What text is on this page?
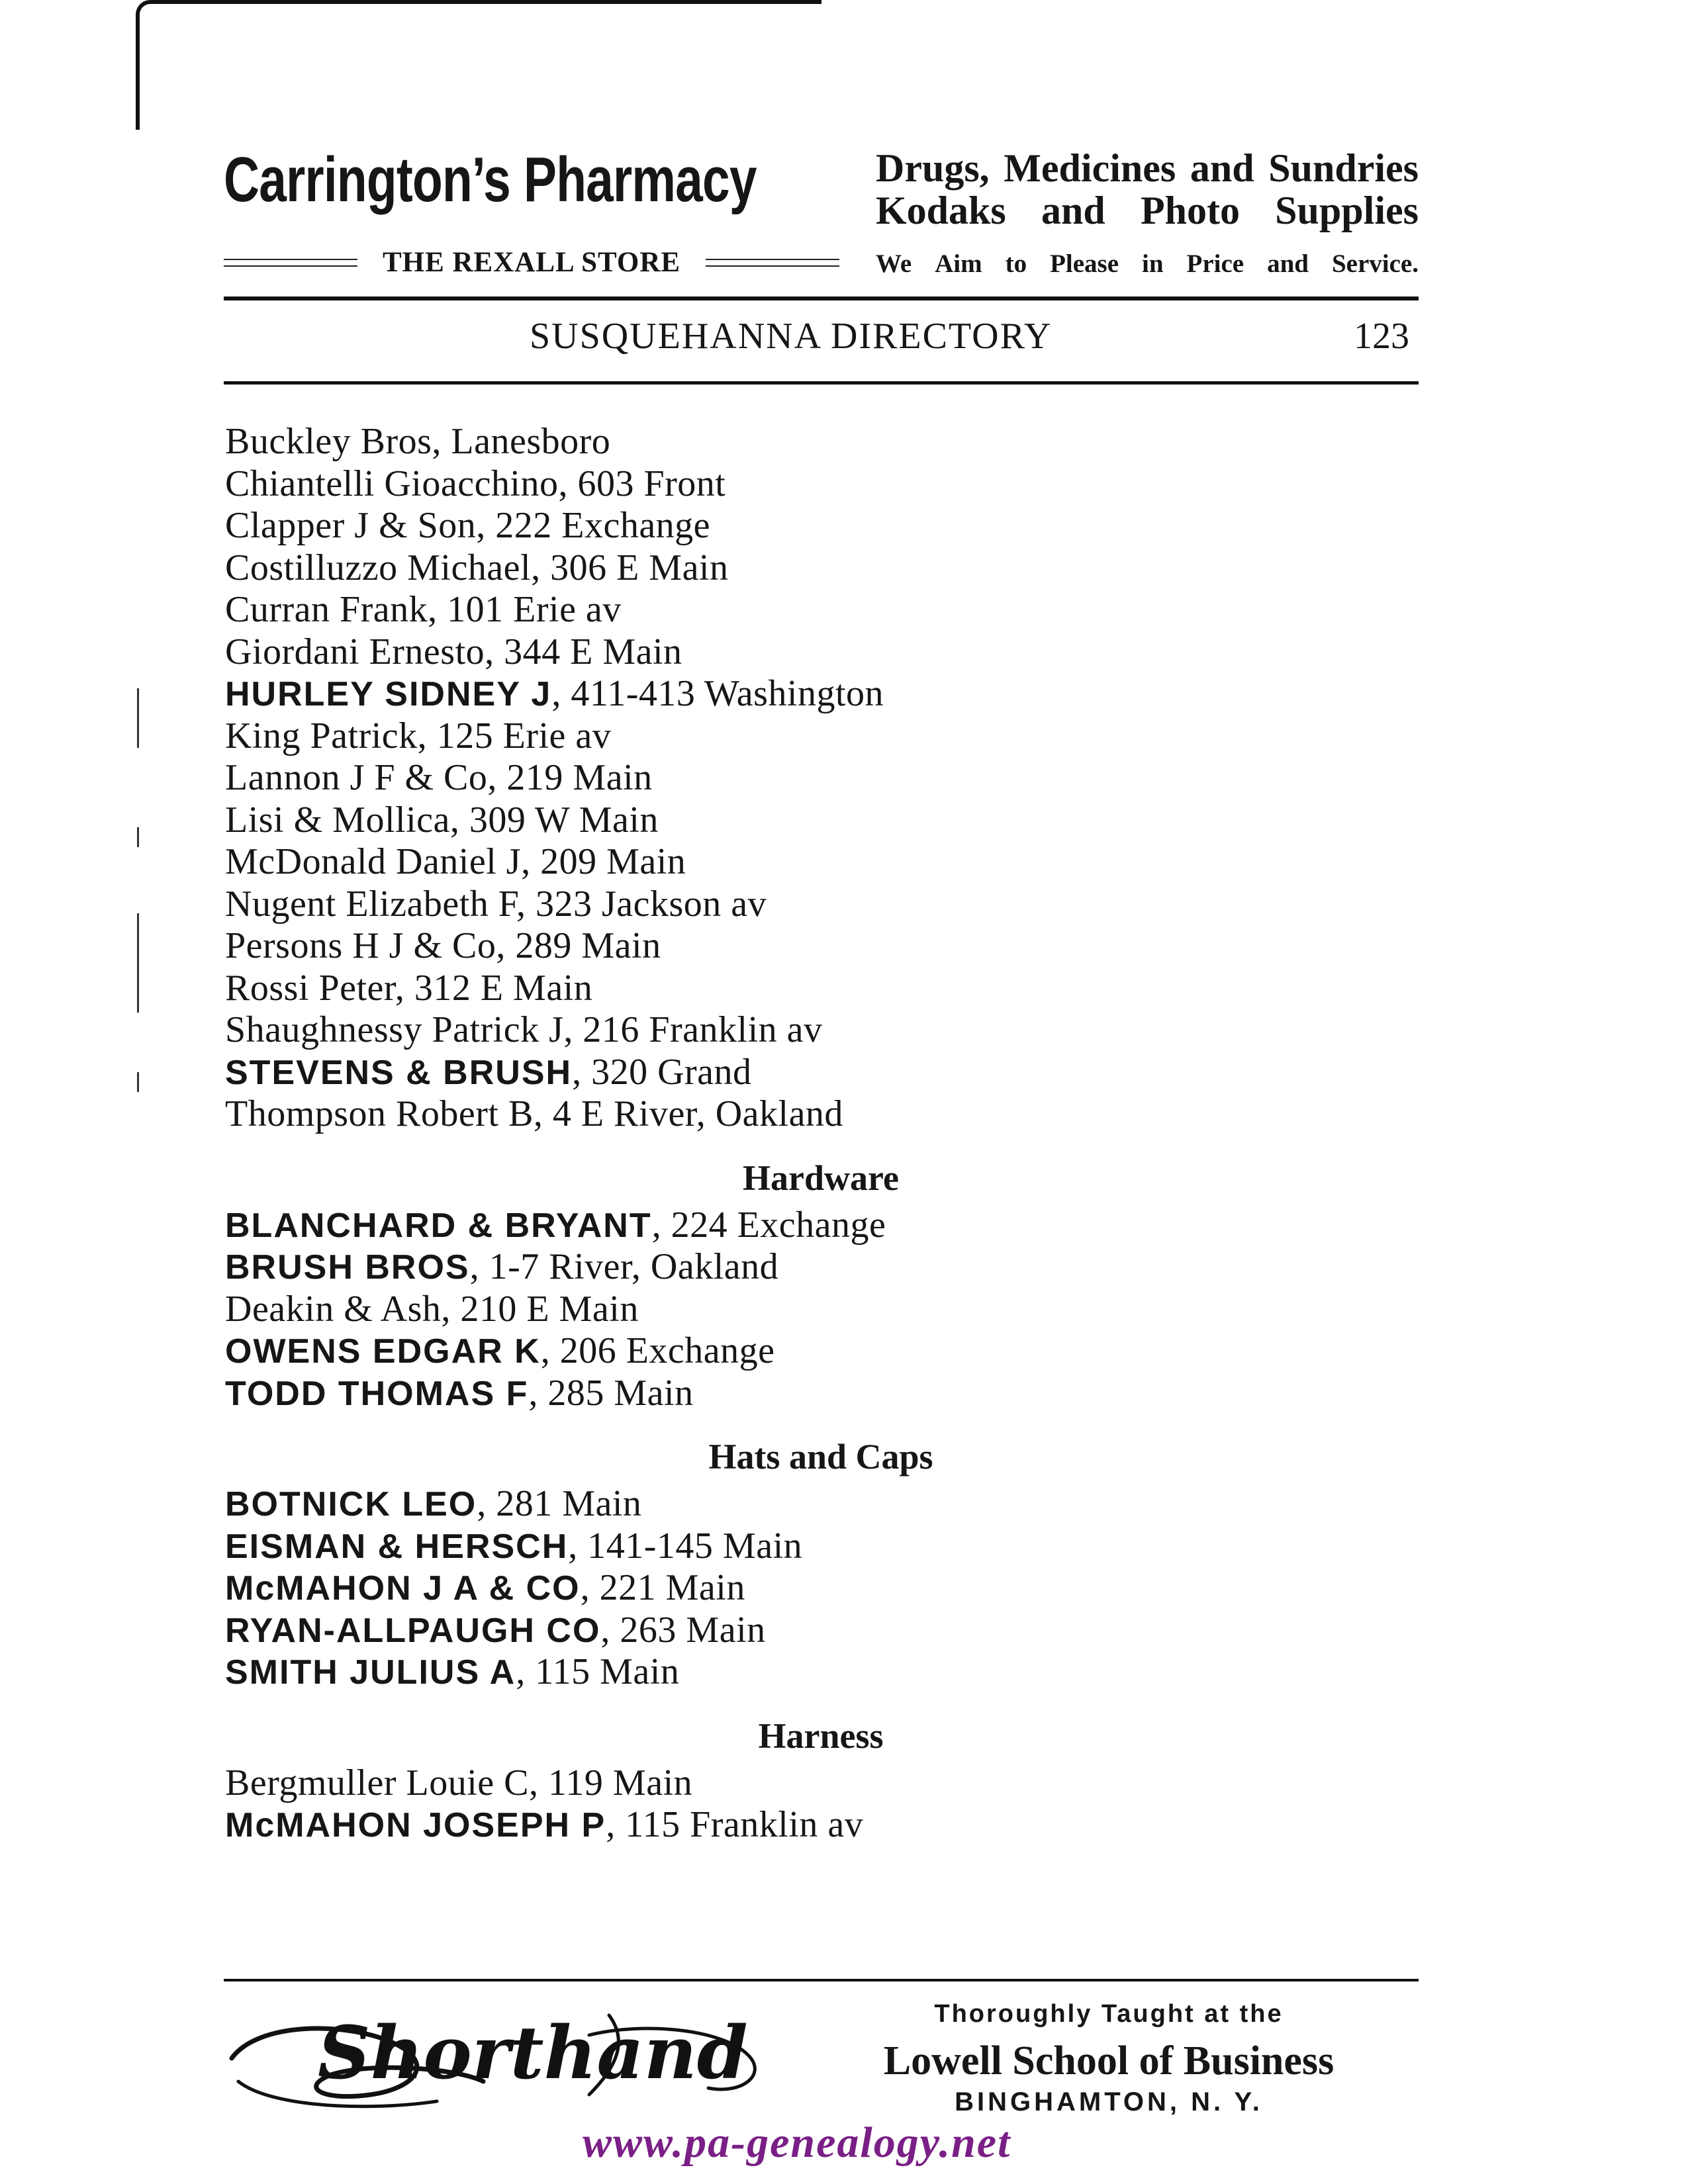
Carrington’s Pharmacy
THE REXALL STORE
Drugs, Medicines and Sundries
Kodaks and Photo Supplies
We Aim to Please in Price and Service.
SUSQUEHANNA DIRECTORY	123
Buckley Bros, Lanesboro
Chiantelli Gioacchino, 603 Front
Clapper J & Son, 222 Exchange
Costilluzzo Michael, 306 E Main
Curran Frank, 101 Erie av
Giordani Ernesto, 344 E Main
HURLEY SIDNEY J, 411-413 Washington
King Patrick, 125 Erie av
Lannon J F & Co, 219 Main
Lisi & Mollica, 309 W Main
McDonald Daniel J, 209 Main
Nugent Elizabeth F, 323 Jackson av
Persons H J & Co, 289 Main
Rossi Peter, 312 E Main
Shaughnessy Patrick J, 216 Franklin av
STEVENS & BRUSH, 320 Grand
Thompson Robert B, 4 E River, Oakland
Hardware
BLANCHARD & BRYANT, 224 Exchange
BRUSH BROS, 1-7 River, Oakland
Deakin & Ash, 210 E Main
OWENS EDGAR K, 206 Exchange
TODD THOMAS F, 285 Main
Hats and Caps
BOTNICK LEO, 281 Main
EISMAN & HERSCH, 141-145 Main
McMAHON J A & CO, 221 Main
RYAN-ALLPAUGH CO, 263 Main
SMITH JULIUS A, 115 Main
Harness
Bergmuller Louie C, 119 Main
McMAHON JOSEPH P, 115 Franklin av
Shorthand	Thoroughly Taught at the
Lowell School of Business
BINGHAMTON, N. Y.
www.pa-genealogy.net
